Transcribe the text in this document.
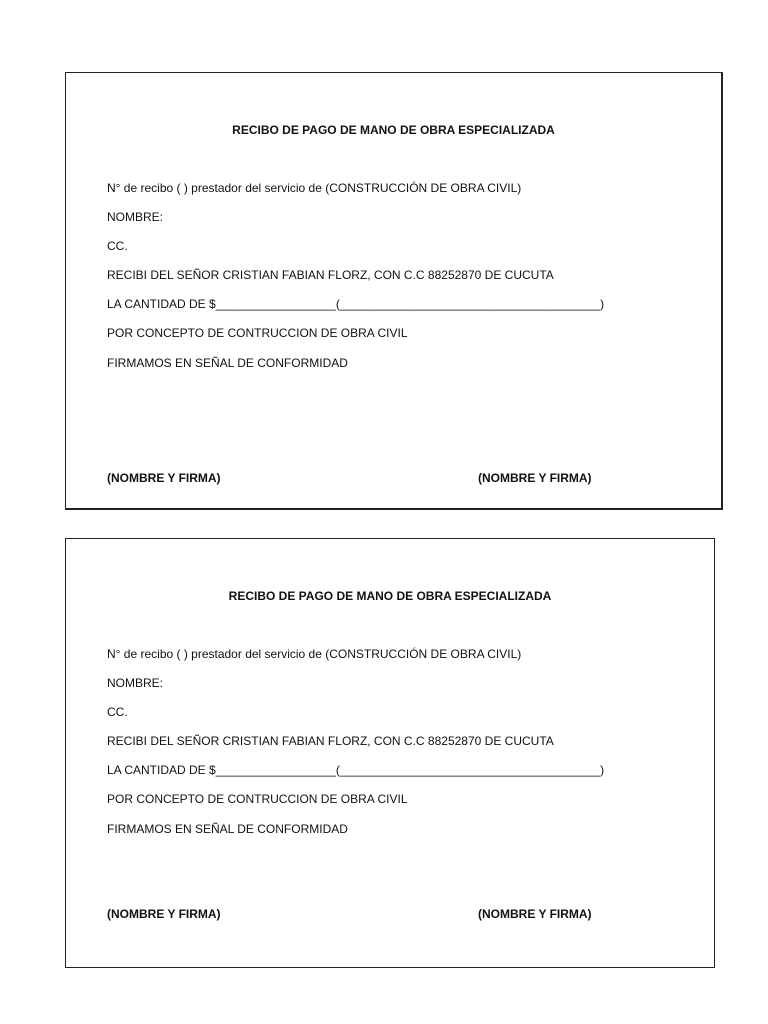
RECIBO DE PAGO DE MANO DE OBRA ESPECIALIZADA
N° de recibo ( ) prestador del servicio de (CONSTRUCCIÓN DE OBRA CIVIL)
NOMBRE:
CC.
RECIBI DEL SEÑOR CRISTIAN FABIAN FLORZ, CON C.C 88252870 DE CUCUTA
LA CANTIDAD DE $__________________(_______________________________________)
POR CONCEPTO DE CONTRUCCION DE OBRA CIVIL
FIRMAMOS EN SEÑAL DE CONFORMIDAD
(NOMBRE Y FIRMA)	(NOMBRE Y FIRMA)
RECIBO DE PAGO DE MANO DE OBRA ESPECIALIZADA
N° de recibo ( ) prestador del servicio de (CONSTRUCCIÓN DE OBRA CIVIL)
NOMBRE:
CC.
RECIBI DEL SEÑOR CRISTIAN FABIAN FLORZ, CON C.C 88252870 DE CUCUTA
LA CANTIDAD DE $__________________(_______________________________________)
POR CONCEPTO DE CONTRUCCION DE OBRA CIVIL
FIRMAMOS EN SEÑAL DE CONFORMIDAD
(NOMBRE Y FIRMA)	(NOMBRE Y FIRMA)
